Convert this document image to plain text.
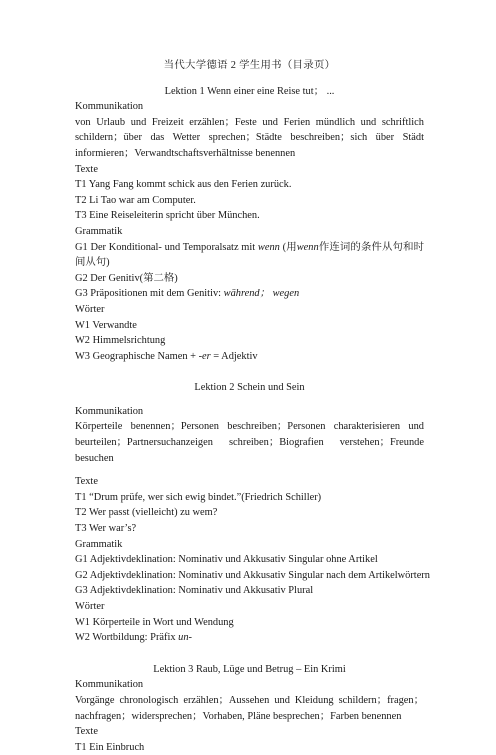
当代大学德语 2 学生用书（目录页）
Lektion 1 Wenn einer eine Reise tut； ...
Kommunikation
von Urlaub und Freizeit erzählen；Feste und Ferien mündlich und schriftlich schildern；über das Wetter sprechen；Städte beschreiben；sich über Städt informieren；Verwandtschaftsverhältnisse benennen
Texte
T1 Yang Fang kommt schick aus den Ferien zurück.
T2 Li Tao war am Computer.
T3 Eine Reiseleiterin spricht über München.
Grammatik
G1 Der Konditional- und Temporalsatz mit wenn (用wenn作连词的条件从句和时间从句)
G2 Der Genitiv(第二格)
G3 Präpositionen mit dem Genitiv: während； wegen
Wörter
W1 Verwandte
W2 Himmelsrichtung
W3 Geographische Namen + -er = Adjektiv
Lektion 2 Schein und Sein
Kommunikation
Körperteile benennen；Personen beschreiben；Personen charakterisieren und beurteilen；Partnersuchanzeigen schreiben；Biografien verstehen；Freunde besuchen
Texte
T1 “Drum prüfe, wer sich ewig bindet.”(Friedrich Schiller)
T2 Wer passt (vielleicht) zu wem?
T3 Wer war’s?
Grammatik
G1 Adjektivdeklination: Nominativ und Akkusativ Singular ohne Artikel
G2 Adjektivdeklination: Nominativ und Akkusativ Singular nach dem Artikelwörtern
G3 Adjektivdeklination: Nominativ und Akkusativ Plural
Wörter
W1 Körperteile in Wort und Wendung
W2 Wortbildung: Präfix un-
Lektion 3 Raub, Lüge und Betrug – Ein Krimi
Kommunikation
Vorgänge chronologisch erzählen；Aussehen und Kleidung schildern；fragen；nachfragen；widersprechen；Vorhaben, Pläne besprechen；Farben benennen
Texte
T1 Ein Einbruch
